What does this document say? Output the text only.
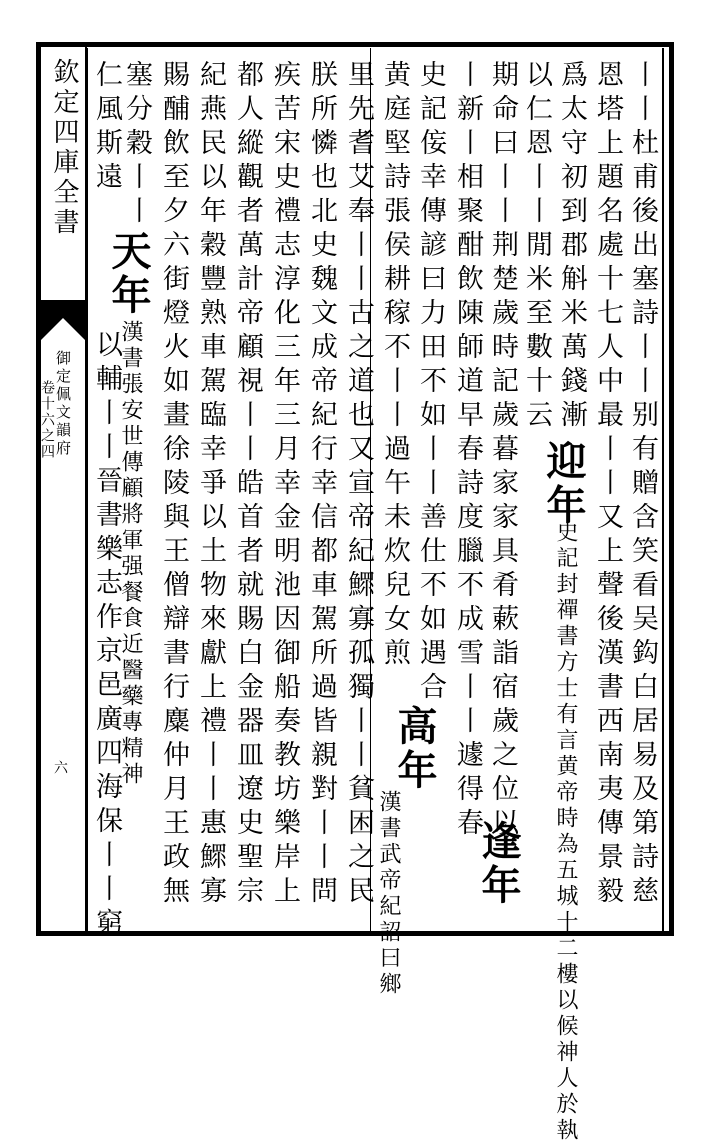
欽定四庫全書
御定佩文韻府
卷十六之四
六	丨丨杜甫後出塞詩丨丨别有贈含笑看吴鈎白居易及第詩慈
恩塔上題名處十七人中最丨丨又上聲後漢書西南夷傳景毅
爲太守初到郡斛米萬錢漸
以仁恩丨丨閒米至數十云
迎年
史記封禪書方士有言黄帝時為五城十二樓以候神人於執
期命曰丨丨荆楚歲時記歲暮家家具肴蔌詣宿歲之位以
丨新丨相聚酣飲陳師道早春詩度臘不成雪丨丨遽得春
逢年
史記侫幸傳諺曰力田不如丨丨善仕不如遇合
黄庭堅詩張侯耕稼不丨丨過午未炊兒女煎
高年
漢書武帝紀詔曰鄉
里先耆艾奉丨丨古之道也又宣帝紀鰥寡孤獨丨丨貧困之民
朕所憐也北史魏文成帝紀行幸信都車駕所過皆親對丨丨問
疾苦宋史禮志淳化三年三月幸金明池因御船奏教坊樂岸上
都人縱觀者萬計帝顧視丨丨皓首者就賜白金器皿遼史聖宗
紀燕民以年穀豐熟車駕臨幸爭以土物來獻上禮丨丨惠鰥寡
賜酺飲至夕六街燈火如畫徐陵與王僧辯書行麋仲月王政無
塞分穀丨丨
仁風斯遠
天年
漢書張安世傳顧將軍强餐食近醫藥專精神
以輔丨丨晉書樂志作京邑廣四海保丨丨窮
